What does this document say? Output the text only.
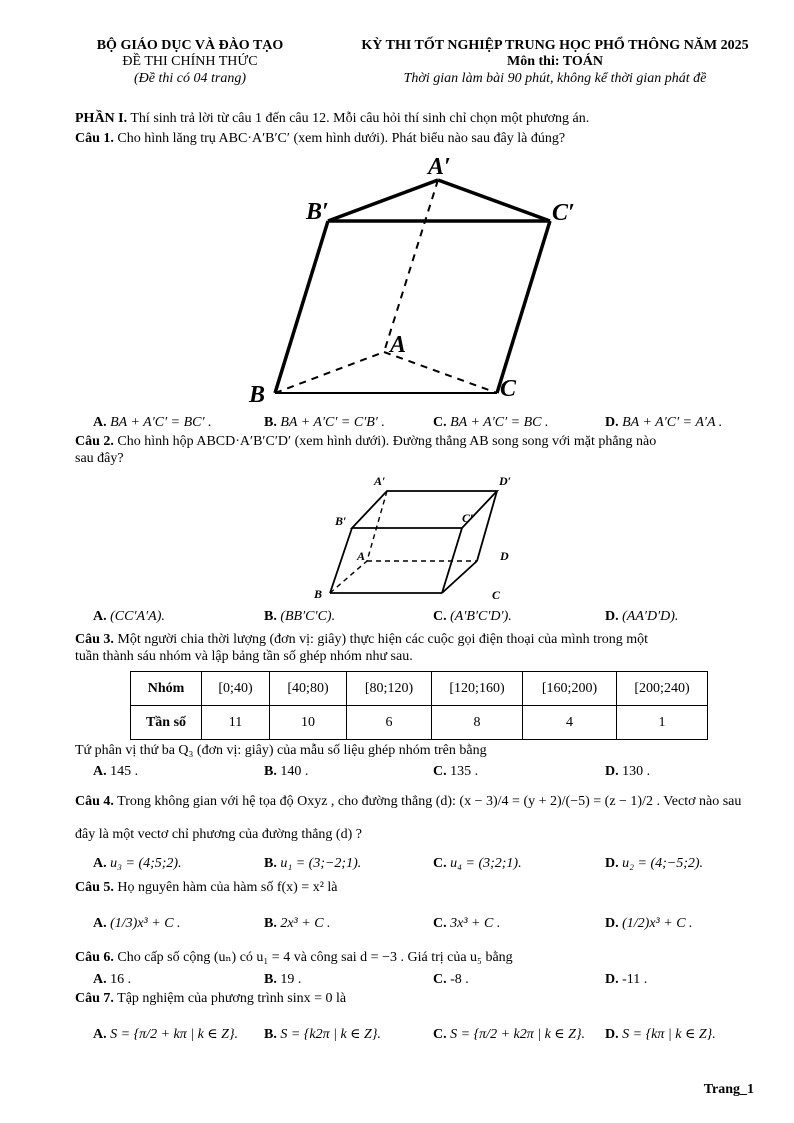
BỘ GIÁO DỤC VÀ ĐÀO TẠO
ĐỀ THI CHÍNH THỨC
(Đề thi có 04 trang)
KỲ THI TỐT NGHIỆP TRUNG HỌC PHỔ THÔNG NĂM 2025
Môn thi: TOÁN
Thời gian làm bài 90 phút, không kể thời gian phát đề
PHẦN I. Thí sinh trả lời từ câu 1 đến câu 12. Mỗi câu hỏi thí sinh chỉ chọn một phương án.
Câu 1. Cho hình lăng trụ ABC·A′B′C′ (xem hình dưới). Phát biểu nào sau đây là đúng?
A′
B′	C′
A
B	C
A. BA + A′C′ = BC′ .	B. BA + A′C′ = C′B′ .	C. BA + A′C′ = BC .	D. BA + A′C′ = A′A .
Câu 2. Cho hình hộp ABCD·A′B′C′D′ (xem hình dưới). Đường thẳng AB song song với mặt phẳng nào
sau đây?
A′	D′
B′	C′
A	D
B	C
A. (CC′A′A).	B. (BB′C′C).	C. (A′B′C′D′).	D. (AA′D′D).
Câu 3. Một người chia thời lượng (đơn vị: giây) thực hiện các cuộc gọi điện thoại của mình trong một
tuần thành sáu nhóm và lập bảng tần số ghép nhóm như sau.
Nhóm	[0;40)	[40;80)	[80;120)	[120;160)	[160;200)	[200;240)
Tần số	11	10	6	8	4	1
Tứ phân vị thứ ba Q₃ (đơn vị: giây) của mẫu số liệu ghép nhóm trên bằng
A. 145 .	B. 140 .	C. 135 .	D. 130 .
Câu 4. Trong không gian với hệ tọa độ Oxyz , cho đường thẳng (d): (x − 3)/4 = (y + 2)/(−5) = (z − 1)/2 . Vectơ nào sau
đây là một vectơ chỉ phương của đường thẳng (d) ?
A. u₃ = (4;5;2).	B. u₁ = (3;−2;1).	C. u₄ = (3;2;1).	D. u₂ = (4;−5;2).
Câu 5. Họ nguyên hàm của hàm số f(x) = x² là
A. (1/3)x³ + C .	B. 2x³ + C .	C. 3x³ + C .	D. (1/2)x³ + C .
Câu 6. Cho cấp số cộng (uₙ) có u₁ = 4 và công sai d = −3 . Giá trị của u₅ bằng
A. 16 .	B. 19 .	C. -8 .	D. -11 .
Câu 7. Tập nghiệm của phương trình sinx = 0 là
A. S = {π/2 + kπ | k ∈ Z}. B. S = {k2π | k ∈ Z}.	C. S = {π/2 + k2π | k ∈ Z}. D. S = {kπ | k ∈ Z}.
Trang_1
